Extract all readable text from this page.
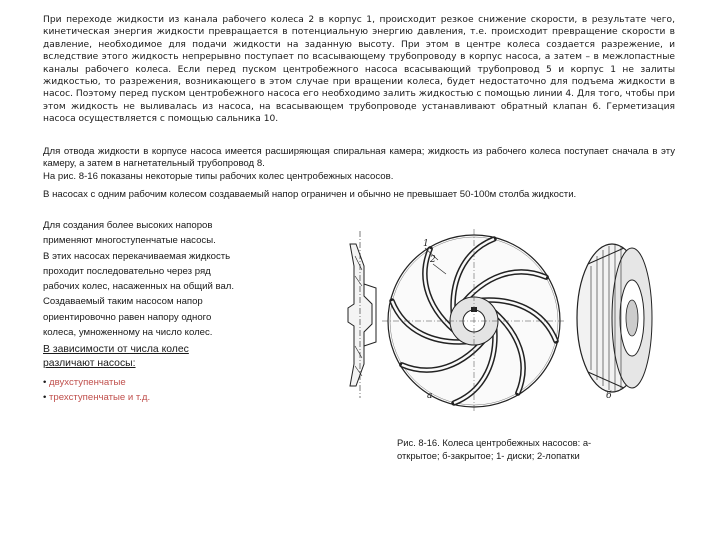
При переходе жидкости из канала рабочего колеса 2 в корпус 1, происходит резкое снижение скорости, в результате чего, кинетическая энергия жидкости превращается в потенциальную энергию давления, т.е. происходит превращение скорости в давление, необходимое для подачи жидкости на заданную высоту. При этом в центре колеса создается разрежение, и вследствие этого жидкость непрерывно поступает по всасывающему трубопроводу в корпус насоса, а затем – в межлопастные каналы рабочего колеса. Если перед пуском центробежного насоса всасывающий трубопровод 5 и корпус 1 не залиты жидкостью, то разрежения, возникающего в этом случае при вращении колеса, будет недостаточно для подъема жидкости в насос. Поэтому перед пуском центробежного насоса его необходимо залить жидкостью с помощью линии 4. Для того, чтобы при этом жидкость не выливалась из насоса, на всасывающем трубопроводе устанавливают обратный клапан 6. Герметизация насоса осуществляется с помощью сальника 10.

Для отвода жидкости в корпусе насоса имеется расширяющая спиральная камера; жидкость из рабочего колеса поступает сначала в эту камеру, а затем в нагнетательный трубопровод 8.

На рис. 8-16 показаны некоторые типы рабочих колес центробежных насосов.

В насосах с одним рабочим колесом создаваемый напор ограничен и обычно не превышает 50-100м столба жидкости.

Для создания более высоких напоров
применяют многоступенчатые насосы.
В этих насосах перекачиваемая жидкость
проходит последовательно через ряд
рабочих колес, насаженных на общий вал.
Создаваемый таким насосом напор
ориентировочно равен напору одного
колеса, умноженному на число колес.
В зависимости от числа колес
различают насосы:
• двухступенчатые
• трехступенчатые и т.д.
1
2
а	б
Рис. 8-16. Колеса центробежных насосов: а- открытое; б-закрытое; 1- диски; 2-лопатки
